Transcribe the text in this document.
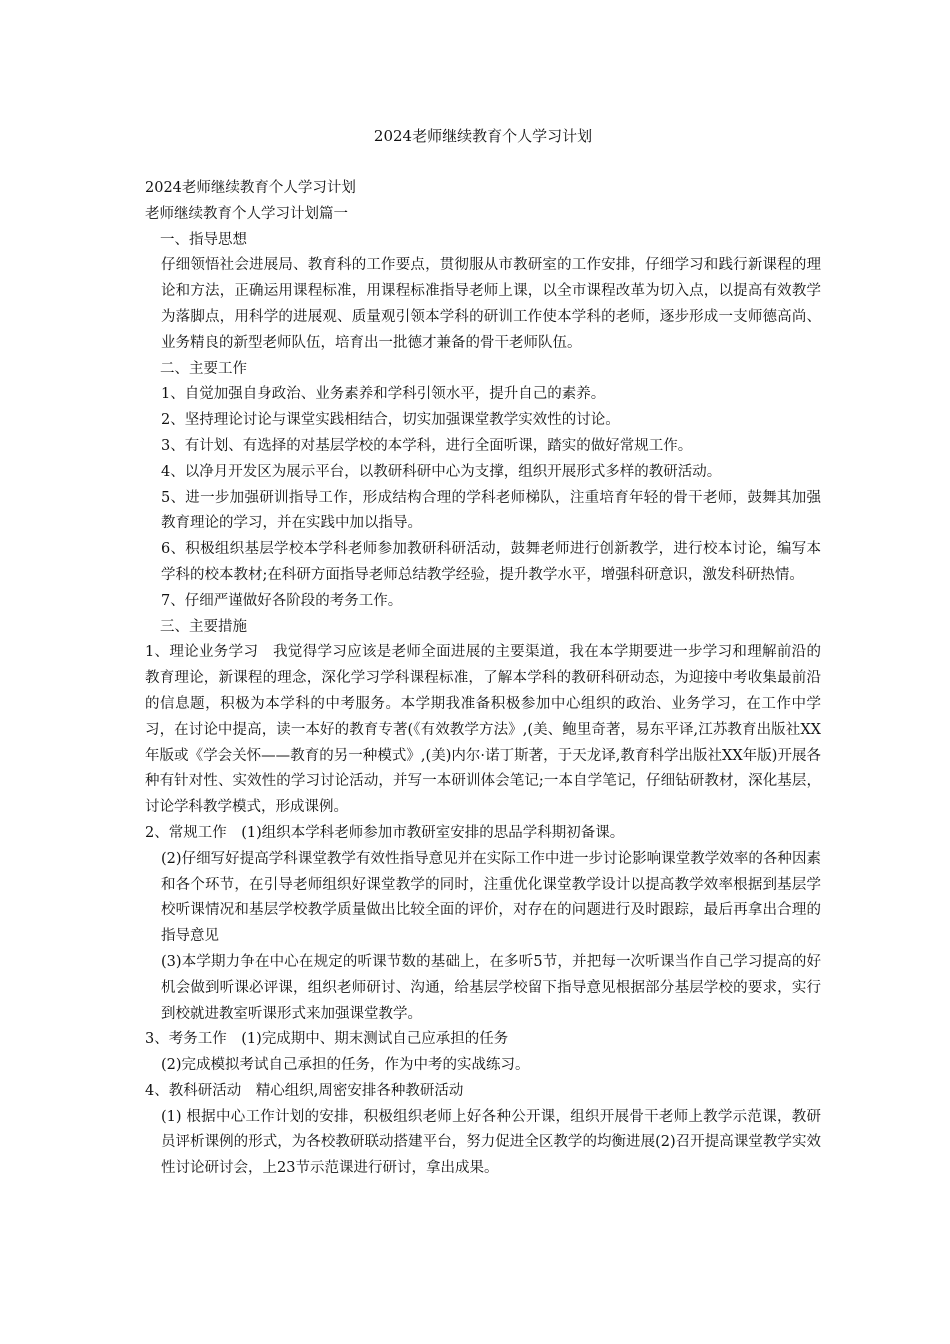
2024老师继续教育个人学习计划

2024老师继续教育个人学习计划

老师继续教育个人学习计划篇一

一、指导思想

仔细领悟社会进展局、教育科的工作要点，贯彻服从市教研室的工作安排，仔细学习和践行新课程的理论和方法，正确运用课程标准，用课程标准指导老师上课，以全市课程改革为切入点，以提高有效教学为落脚点，用科学的进展观、质量观引领本学科的研训工作使本学科的老师，逐步形成一支师德高尚、业务精良的新型老师队伍，培育出一批德才兼备的骨干老师队伍。

二、主要工作

1、自觉加强自身政治、业务素养和学科引领水平，提升自己的素养。

2、坚持理论讨论与课堂实践相结合，切实加强课堂教学实效性的讨论。

3、有计划、有选择的对基层学校的本学科，进行全面听课，踏实的做好常规工作。

4、以净月开发区为展示平台，以教研科研中心为支撑，组织开展形式多样的教研活动。

5、进一步加强研训指导工作，形成结构合理的学科老师梯队，注重培育年轻的骨干老师，鼓舞其加强教育理论的学习，并在实践中加以指导。

6、积极组织基层学校本学科老师参加教研科研活动，鼓舞老师进行创新教学，进行校本讨论，编写本学科的校本教材;在科研方面指导老师总结教学经验，提升教学水平，增强科研意识，激发科研热情。

7、仔细严谨做好各阶段的考务工作。

三、主要措施

1、理论业务学习　我觉得学习应该是老师全面进展的主要渠道，我在本学期要进一步学习和理解前沿的教育理论，新课程的理念，深化学习学科课程标准，了解本学科的教研科研动态，为迎接中考收集最前沿的信息题，积极为本学科的中考服务。本学期我准备积极参加中心组织的政治、业务学习，在工作中学习，在讨论中提高，读一本好的教育专著(《有效教学方法》,(美、鲍里奇著，易东平译,江苏教育出版社XX年版或《学会关怀——教育的另一种模式》,(美)内尔·诺丁斯著，于天龙译,教育科学出版社XX年版)开展各种有针对性、实效性的学习讨论活动，并写一本研训体会笔记;一本自学笔记，仔细钻研教材，深化基层，讨论学科教学模式，形成课例。

2、常规工作　(1)组织本学科老师参加市教研室安排的思品学科期初备课。

(2)仔细写好提高学科课堂教学有效性指导意见并在实际工作中进一步讨论影响课堂教学效率的各种因素和各个环节，在引导老师组织好课堂教学的同时，注重优化课堂教学设计以提高教学效率根据到基层学校听课情况和基层学校教学质量做出比较全面的评价，对存在的问题进行及时跟踪，最后再拿出合理的指导意见

(3)本学期力争在中心在规定的听课节数的基础上，在多听5节，并把每一次听课当作自己学习提高的好机会做到听课必评课，组织老师研讨、沟通，给基层学校留下指导意见根据部分基层学校的要求，实行到校就进教室听课形式来加强课堂教学。

3、考务工作　(1)完成期中、期末测试自己应承担的任务

(2)完成模拟考试自己承担的任务，作为中考的实战练习。

4、教科研活动　精心组织,周密安排各种教研活动

(1) 根据中心工作计划的安排，积极组织老师上好各种公开课，组织开展骨干老师上教学示范课，教研员评析课例的形式，为各校教研联动搭建平台，努力促进全区教学的均衡进展(2)召开提高课堂教学实效性讨论研讨会，上23节示范课进行研讨，拿出成果。
